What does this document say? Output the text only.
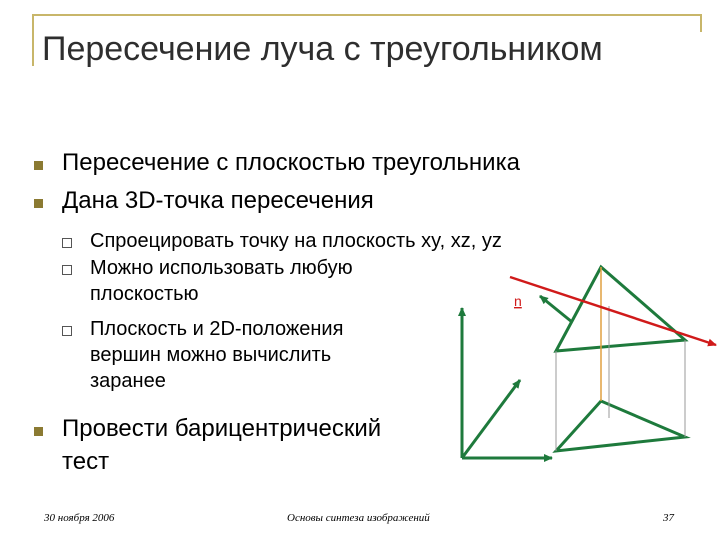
Пересечение луча с треугольником
Пересечение с плоскостью треугольника
Дана 3D-точка пересечения
Спроецировать точку на плоскость xy, xz, yz
Можно использовать любую
плоскостью
Плоскость и 2D-положения
вершин можно вычислить
заранее
Провести барицентрический
тест
n
30 ноября 2006	Основы синтеза изображений	37
